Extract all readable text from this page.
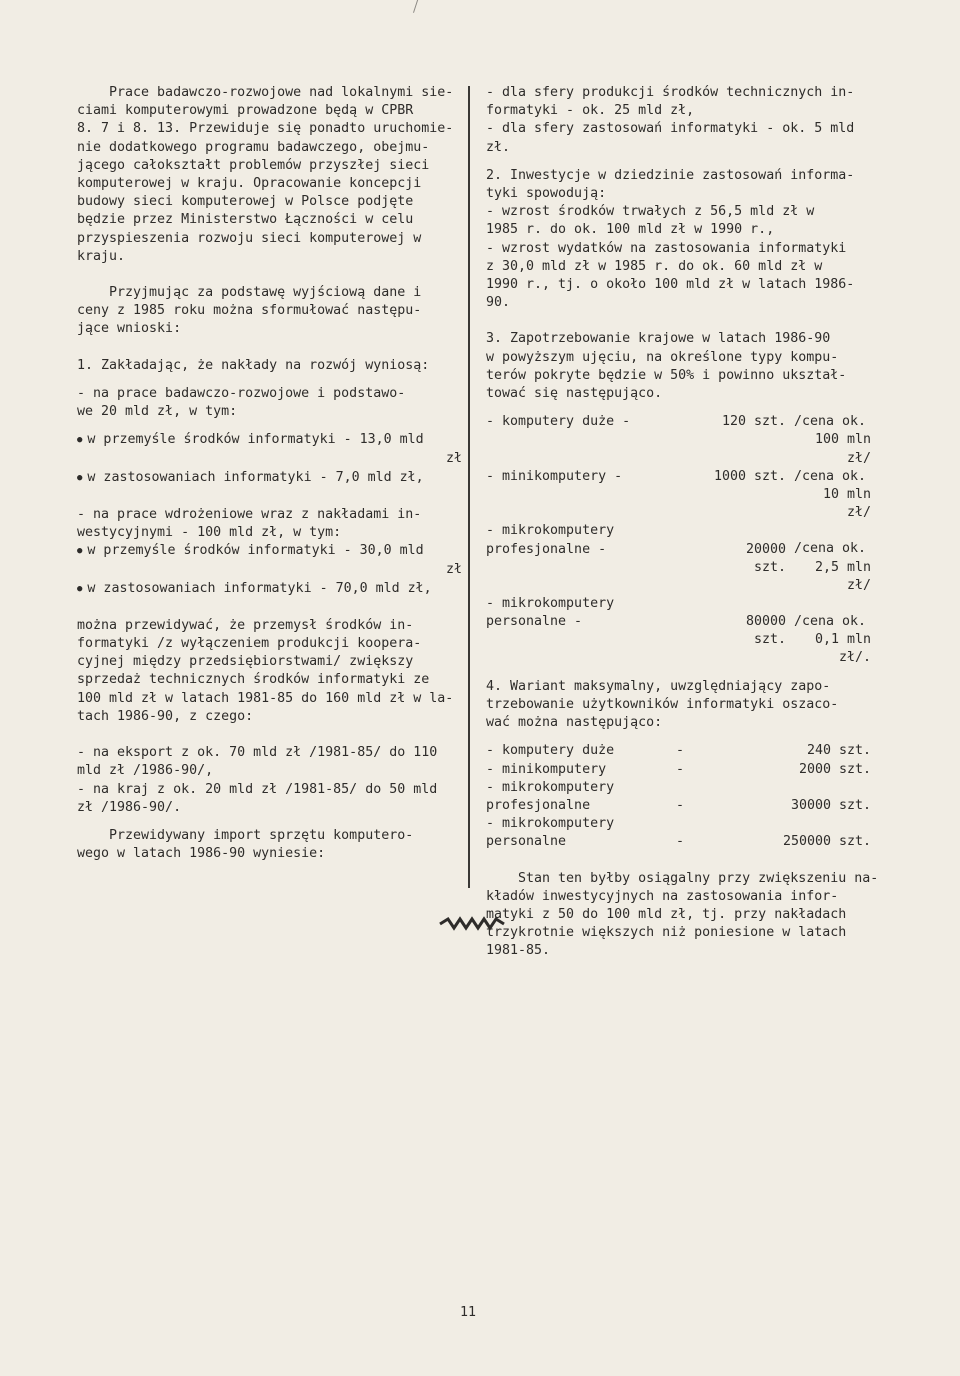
Prace badawczo-rozwojowe nad lokalnymi sie-
ciami komputerowymi prowadzone będą w CPBR
8. 7 i 8. 13. Przewiduje się ponadto uruchomie-
nie dodatkowego programu badawczego, obejmu-
jącego całokształt problemów przyszłej sieci
komputerowej w kraju. Opracowanie koncepcji
budowy sieci komputerowej w Polsce podjęte
będzie przez Ministerstwo Łączności w celu
przyspieszenia rozwoju sieci komputerowej w
kraju.
Przyjmując za podstawę wyjściową dane i
ceny z 1985 roku można sformułować następu-
jące wnioski:
1. Zakładając, że nakłady na rozwój wyniosą:
- na prace badawczo-rozwojowe i podstawo-
we 20 mld zł, w tym:
● w przemyśle środków informatyki - 13,0 mld
zł
● w zastosowaniach informatyki - 7,0 mld zł,
- na prace wdrożeniowe wraz z nakładami in-
westycyjnymi - 100 mld zł, w tym:
● w przemyśle środków informatyki - 30,0 mld
zł
● w zastosowaniach informatyki - 70,0 mld zł,
można przewidywać, że przemysł środków in-
formatyki /z wyłączeniem produkcji koopera-
cyjnej między przedsiębiorstwami/ zwiększy
sprzedaż technicznych środków informatyki ze
100 mld zł w latach 1981-85 do 160 mld zł w la-
tach 1986-90, z czego:
- na eksport z ok. 70 mld zł /1981-85/ do 110
mld zł /1986-90/,
- na kraj z ok. 20 mld zł /1981-85/ do 50 mld
zł /1986-90/.
Przewidywany import sprzętu komputero-
wego w latach 1986-90 wyniesie:
- dla sfery produkcji środków technicznych in-
formatyki - ok. 25 mld zł,
- dla sfery zastosowań informatyki - ok. 5 mld
zł.
2. Inwestycje w dziedzinie zastosowań informa-
tyki spowodują:
- wzrost środków trwałych z 56,5 mld zł w
1985 r. do ok. 100 mld zł w 1990 r.,
- wzrost wydatków na zastosowania informatyki
z 30,0 mld zł w 1985 r. do ok. 60 mld zł w
1990 r., tj. o około 100 mld zł w latach 1986-
90.
3. Zapotrzebowanie krajowe w latach 1986-90
w powyższym ujęciu, na określone typy kompu-
terów pokryte będzie w 50% i powinno ukształ-
tować się następująco.
- komputery duże -	120 szt. /cena ok.
100 mln zł/
- minikomputery -	1000 szt. /cena ok.
10 mln zł/
- mikrokomputery
profesjonalne -	20000 szt.
/cena ok.
2,5 mln zł/
- mikrokomputery
personalne -	80000 szt.
/cena ok.
0,1 mln zł/.
4. Wariant maksymalny, uwzględniający zapo-
trzebowanie użytkowników informatyki oszaco-
wać można następująco:
- komputery duże	-	240 szt.
- minikomputery	-	2000 szt.
- mikrokomputery
profesjonalne	-	30000 szt.
- mikrokomputery
personalne	-	250000 szt.
Stan ten byłby osiągalny przy zwiększeniu na-
kładów inwestycyjnych na zastosowania infor-
matyki z 50 do 100 mld zł, tj. przy nakładach
trzykrotnie większych niż poniesione w latach
1981-85.
11
